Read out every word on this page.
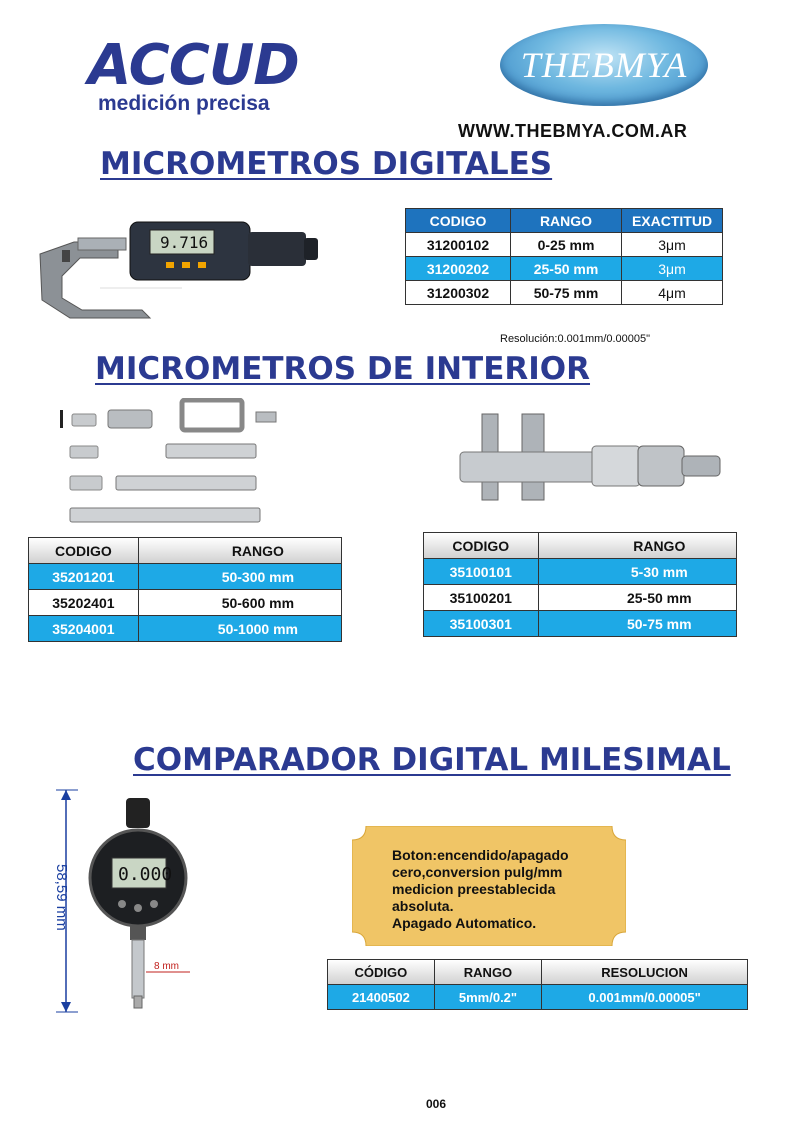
ACCUD
medición precisa
THEBMYA
WWW.THEBMYA.COM.AR
MICROMETROS DIGITALES
9.716
CODIGO	RANGO	EXACTITUD
31200102	0-25 mm	3μm
31200202	25-50 mm	3μm
31200302	50-75 mm	4μm
Resolución:0.001mm/0.00005"
MICROMETROS DE INTERIOR
CODIGO	RANGO
35201201	50-300 mm
35202401	50-600 mm
35204001	50-1000 mm
CODIGO	RANGO
35100101	5-30 mm
35100201	25-50 mm
35100301	50-75 mm
COMPARADOR DIGITAL MILESIMAL
58,59 mm
8 mm
0.000
Boton:encendido/apagado
cero,conversion pulg/mm
medicion preestablecida
absoluta.
Apagado Automatico.
CÓDIGO	RANGO	RESOLUCION
21400502	5mm/0.2"	0.001mm/0.00005"
006
